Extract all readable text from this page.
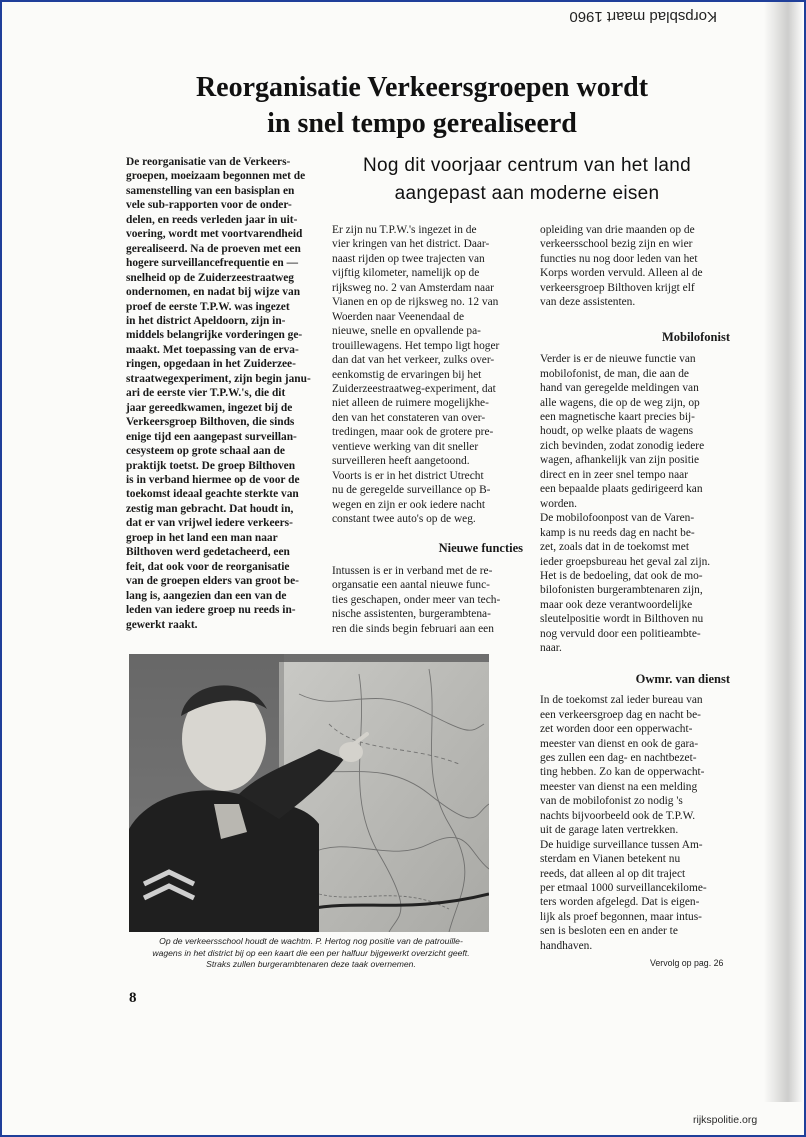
Korpsblad maart 1960
Reorganisatie Verkeersgroepen wordt
in snel tempo gerealiseerd
Nog dit voorjaar centrum van het land
aangepast aan moderne eisen

De reorganisatie van de Verkeers-
groepen, moeizaam begonnen met de
samenstelling van een basisplan en
vele sub-rapporten voor de onder-
delen, en reeds verleden jaar in uit-
voering, wordt met voortvarendheid
gerealiseerd. Na de proeven met een
hogere surveillancefrequentie en —
snelheid op de Zuiderzeestraatweg
ondernomen, en nadat bij wijze van
proef de eerste T.P.W. was ingezet
in het district Apeldoorn, zijn in-
middels belangrijke vorderingen ge-
maakt. Met toepassing van de erva-
ringen, opgedaan in het Zuiderzee-
straatwegexperiment, zijn begin janu-
ari de eerste vier T.P.W.'s, die dit
jaar gereedkwamen, ingezet bij de
Verkeersgroep Bilthoven, die sinds
enige tijd een aangepast surveillan-
cesysteem op grote schaal aan de
praktijk toetst. De groep Bilthoven
is in verband hiermee op de voor de
toekomst ideaal geachte sterkte van
zestig man gebracht. Dat houdt in,
dat er van vrijwel iedere verkeers-
groep in het land een man naar
Bilthoven werd gedetacheerd, een
feit, dat ook voor de reorganisatie
van de groepen elders van groot be-
lang is, aangezien dan een van de
leden van iedere groep nu reeds in-
gewerkt raakt.

Er zijn nu T.P.W.'s ingezet in de
vier kringen van het district. Daar-
naast rijden op twee trajecten van
vijftig kilometer, namelijk op de
rijksweg no. 2 van Amsterdam naar
Vianen en op de rijksweg no. 12 van
Woerden naar Veenendaal de
nieuwe, snelle en opvallende pa-
trouillewagens. Het tempo ligt hoger
dan dat van het verkeer, zulks over-
eenkomstig de ervaringen bij het
Zuiderzeestraatweg-experiment, dat
niet alleen de ruimere mogelijkhe-
den van het constateren van over-
tredingen, maar ook de grotere pre-
ventieve werking van dit sneller
surveilleren heeft aangetoond.

Voorts is er in het district Utrecht
nu de geregelde surveillance op B-
wegen en zijn er ook iedere nacht
constant twee auto's op de weg.

Nieuwe functies

Intussen is er in verband met de re-
organsatie een aantal nieuwe func-
ties geschapen, onder meer van tech-
nische assistenten, burgerambtena-
ren die sinds begin februari aan een

opleiding van drie maanden op de
verkeersschool bezig zijn en wier
functies nu nog door leden van het
Korps worden vervuld. Alleen al de
verkeersgroep Bilthoven krijgt elf
van deze assistenten.

Mobilofonist

Verder is er de nieuwe functie van
mobilofonist, de man, die aan de
hand van geregelde meldingen van
alle wagens, die op de weg zijn, op
een magnetische kaart precies bij-
houdt, op welke plaats de wagens
zich bevinden, zodat zonodig iedere
wagen, afhankelijk van zijn positie
direct en in zeer snel tempo naar
een bepaalde plaats gedirigeerd kan
worden.

De mobilofoonpost van de Varen-
kamp is nu reeds dag en nacht be-
zet, zoals dat in de toekomst met
ieder groepsbureau het geval zal zijn.
Het is de bedoeling, dat ook de mo-
bilofonisten burgerambtenaren zijn,
maar ook deze verantwoordelijke
sleutelpositie wordt in Bilthoven nu
nog vervuld door een politieambte-
naar.

Owmr. van dienst

In de toekomst zal ieder bureau van
een verkeersgroep dag en nacht be-
zet worden door een opperwacht-
meester van dienst en ook de gara-
ges zullen een dag- en nachtbezet-
ting hebben. Zo kan de opperwacht-
meester van dienst na een melding
van de mobilofonist zo nodig 's
nachts bijvoorbeeld ook de T.P.W.
uit de garage laten vertrekken.

De huidige surveillance tussen Am-
sterdam en Vianen betekent nu
reeds, dat alleen al op dit traject
per etmaal 1000 surveillancekilome-
ters worden afgelegd. Dat is eigen-
lijk als proef begonnen, maar intus-
sen is besloten een en ander te
handhaven.

Op de verkeersschool houdt de wachtm. P. Hertog nog positie van de patrouille-
wagens in het district bij op een kaart die een per halfuur bijgewerkt overzicht geeft.
Straks zullen burgerambtenaren deze taak overnemen.	Vervolg op pag. 26
8
rijkspolitie.org
